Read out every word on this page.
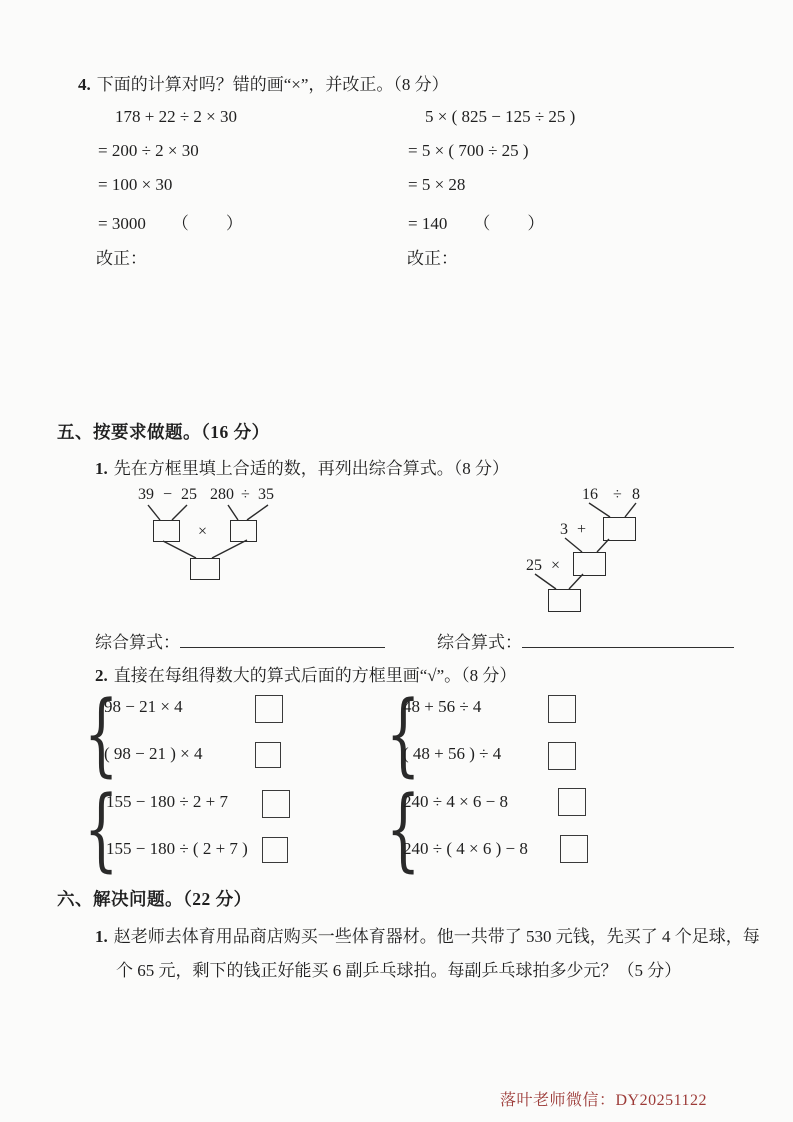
4. 下面的计算对吗？错的画“×”，并改正。（8 分）
178 + 22 ÷ 2 × 30
= 200 ÷ 2 × 30
= 100 × 30
= 3000 （　　）
改正：
5 × ( 825 − 125 ÷ 25 )
= 5 × ( 700 ÷ 25 )
= 5 × 28
= 140 （　　）
改正：
五、按要求做题。（16 分）
1. 先在方框里填上合适的数，再列出综合算式。（8 分）
39 − 25 280 ÷ 35
×
16 ÷ 8
3 +
25 ×
综合算式：	综合算式：
2. 直接在每组得数大的算式后面的方框里画“√”。（8 分）
{
98 − 21 × 4
( 98 − 21 ) × 4
{
48 + 56 ÷ 4
( 48 + 56 ) ÷ 4
{
155 − 180 ÷ 2 + 7
155 − 180 ÷ ( 2 + 7 )
{
240 ÷ 4 × 6 − 8
240 ÷ ( 4 × 6 ) − 8
六、解决问题。（22 分）
1. 赵老师去体育用品商店购买一些体育器材。他一共带了 530 元钱，先买了 4 个足球，每个 65 元，剩下的钱正好能买 6 副乒乓球拍。每副乒乓球拍多少元？（5 分）
落叶老师微信：DY20251122
